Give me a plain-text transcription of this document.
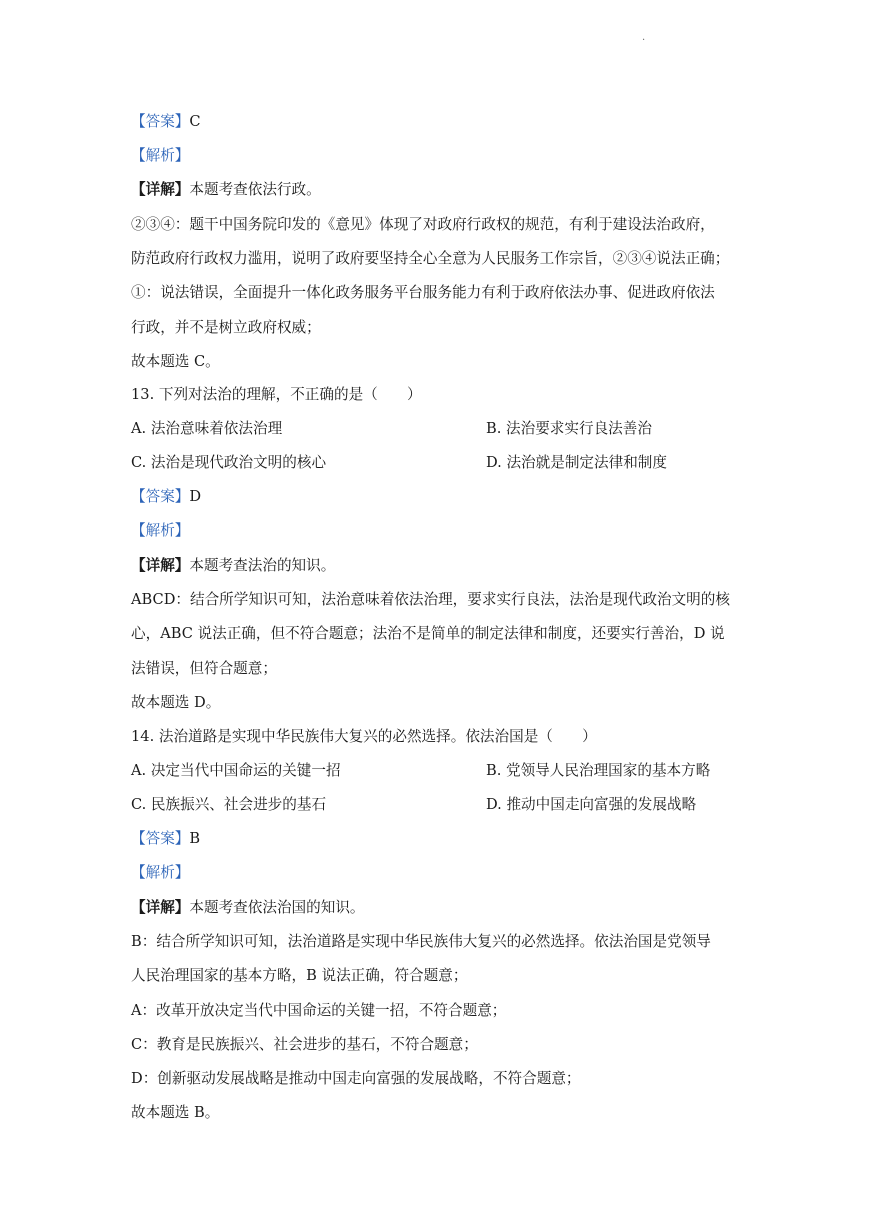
.
【答案】C
【解析】
【详解】本题考查依法行政。
②③④：题干中国务院印发的《意见》体现了对政府行政权的规范，有利于建设法治政府，
防范政府行政权力滥用，说明了政府要坚持全心全意为人民服务工作宗旨，②③④说法正确；
①：说法错误，全面提升一体化政务服务平台服务能力有利于政府依法办事、促进政府依法
行政，并不是树立政府权威；
故本题选 C。
13. 下列对法治的理解，不正确的是（　　）
A. 法治意味着依法治理	B. 法治要求实行良法善治
C. 法治是现代政治文明的核心	D. 法治就是制定法律和制度
【答案】D
【解析】
【详解】本题考查法治的知识。
ABCD：结合所学知识可知，法治意味着依法治理，要求实行良法，法治是现代政治文明的核
心，ABC 说法正确，但不符合题意；法治不是简单的制定法律和制度，还要实行善治，D 说
法错误，但符合题意；
故本题选 D。
14. 法治道路是实现中华民族伟大复兴的必然选择。依法治国是（　　）
A. 决定当代中国命运的关键一招	B. 党领导人民治理国家的基本方略
C. 民族振兴、社会进步的基石	D. 推动中国走向富强的发展战略
【答案】B
【解析】
【详解】本题考查依法治国的知识。
B：结合所学知识可知，法治道路是实现中华民族伟大复兴的必然选择。依法治国是党领导
人民治理国家的基本方略，B 说法正确，符合题意；
A：改革开放决定当代中国命运的关键一招，不符合题意；
C：教育是民族振兴、社会进步的基石，不符合题意；
D：创新驱动发展战略是推动中国走向富强的发展战略，不符合题意；
故本题选 B。
